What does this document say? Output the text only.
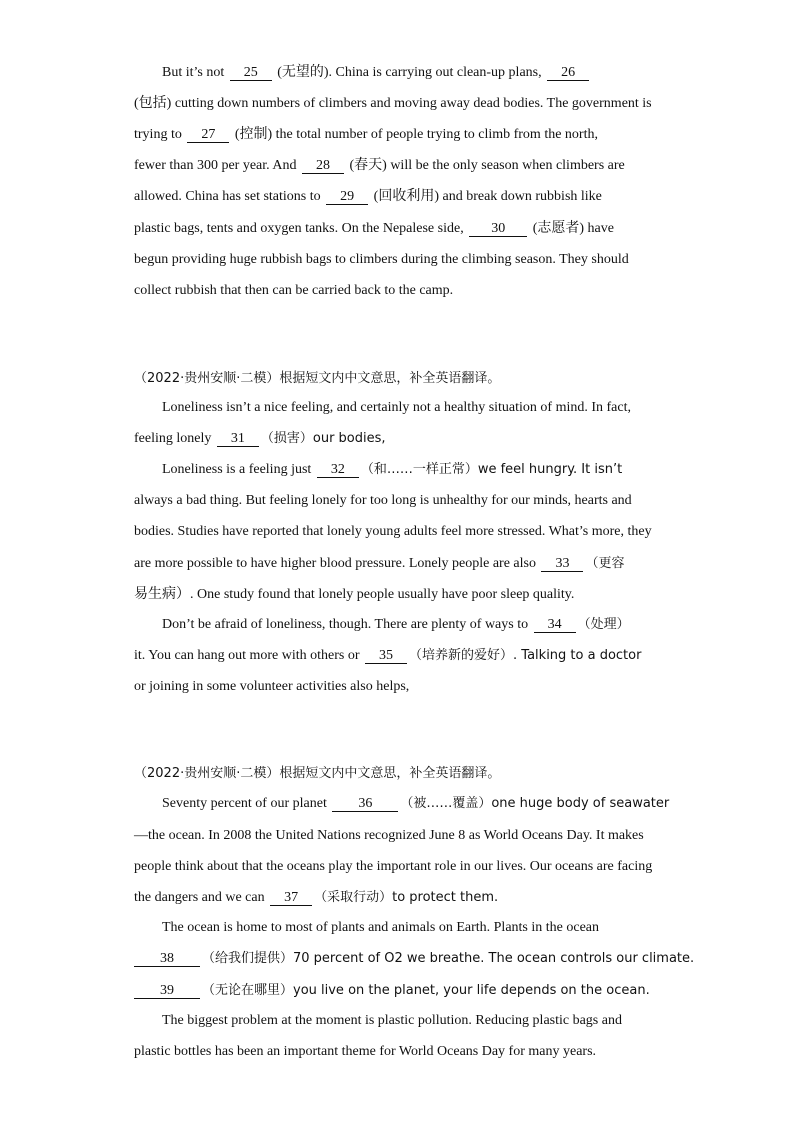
But it’s not 25 (无望的). China is carrying out clean-up plans, 26
(包括) cutting down numbers of climbers and moving away dead bodies. The government is
trying to 27 (控制) the total number of people trying to climb from the north,
fewer than 300 per year. And 28 (春天) will be the only season when climbers are
allowed. China has set stations to 29 (回收利用) and break down rubbish like
plastic bags, tents and oxygen tanks. On the Nepalese side, 30 (志愿者) have
begun providing huge rubbish bags to climbers during the climbing season. They should
collect rubbish that then can be carried back to the camp.
（2022·贵州安顺·二模）根据短文内中文意思，补全英语翻译。
Loneliness isn’t a nice feeling, and certainly not a healthy situation of mind. In fact,
feeling lonely 31 （损害）our bodies,
Loneliness is a feeling just 32 （和……一样正常）we feel hungry. It isn’t
always a bad thing. But feeling lonely for too long is unhealthy for our minds, hearts and
bodies. Studies have reported that lonely young adults feel more stressed. What’s more, they
are more possible to have higher blood pressure. Lonely people are also 33 （更容
易生病）. One study found that lonely people usually have poor sleep quality.
Don’t be afraid of loneliness, though. There are plenty of ways to 34 （处理）
it. You can hang out more with others or 35 （培养新的爱好）. Talking to a doctor
or joining in some volunteer activities also helps,
（2022·贵州安顺·二模）根据短文内中文意思，补全英语翻译。
Seventy percent of our planet 36 （被……覆盖）one huge body of seawater
—the ocean. In 2008 the United Nations recognized June 8 as World Oceans Day. It makes
people think about that the oceans play the important role in our lives. Our oceans are facing
the dangers and we can 37 （采取行动）to protect them.
The ocean is home to most of plants and animals on Earth. Plants in the ocean
38 （给我们提供）70 percent of O2 we breathe. The ocean controls our climate.
39 （无论在哪里）you live on the planet, your life depends on the ocean.
The biggest problem at the moment is plastic pollution. Reducing plastic bags and
plastic bottles has been an important theme for World Oceans Day for many years.
